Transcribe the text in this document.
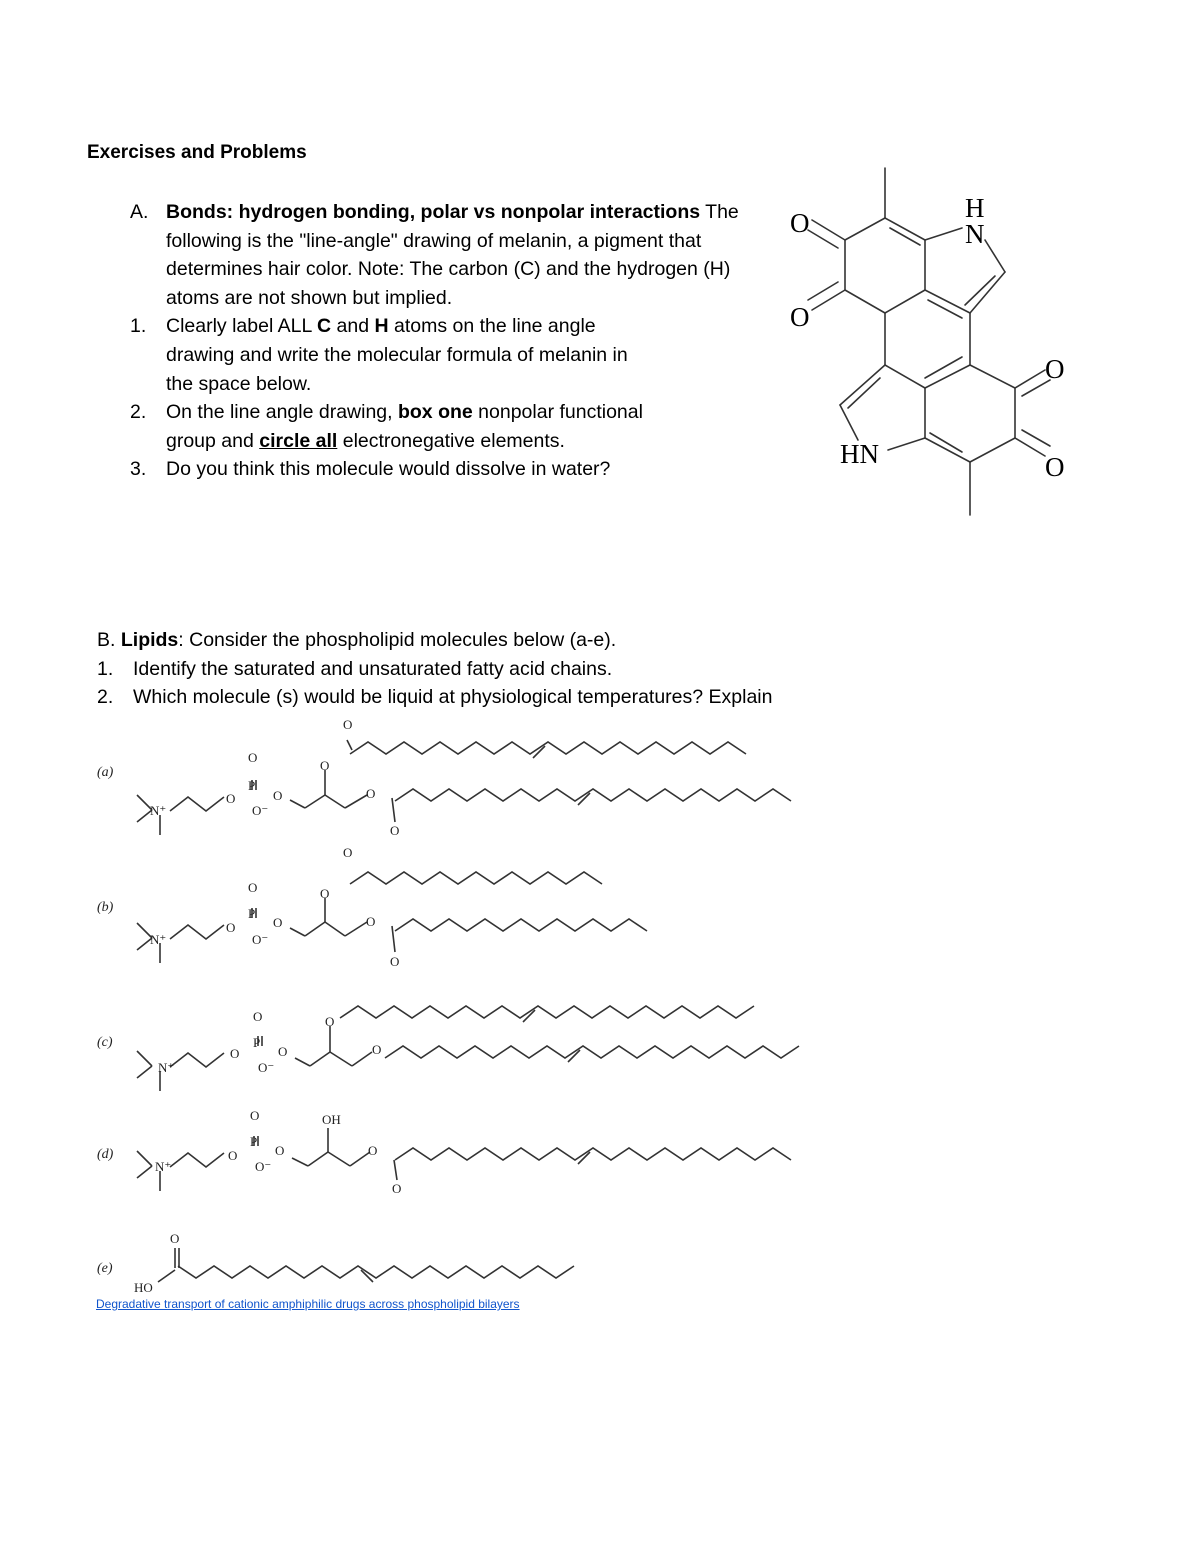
Exercises and Problems
A. Bonds: hydrogen bonding, polar vs nonpolar interactions The following is the "line-angle" drawing of melanin, a pigment that determines hair color. Note: The carbon (C) and the hydrogen (H) atoms are not shown but implied.
1. Clearly label ALL C and H atoms on the line angle drawing and write the molecular formula of melanin in the space below.
2. On the line angle drawing, box one nonpolar functional group and circle all electronegative elements.
3. Do you think this molecule would dissolve in water?
O
O
O
O
H
N
HN
B. Lipids: Consider the phospholipid molecules below (a-e).
1. Identify the saturated and unsaturated fatty acid chains.
2. Which molecule (s) would be liquid at physiological temperatures? Explain
(a)
(b)
(c)
(d)
(e)
O
O
P
O	O
O⁻
O
O
O
N⁺
O
O
P
O	O
O⁻
O
O
O
N⁺
O
P
O	O
O⁻
O
O
N⁺
O
P
O	O
O⁻
OH
O
O
N⁺
O
HO
Degradative transport of cationic amphiphilic drugs across phospholipid bilayers
